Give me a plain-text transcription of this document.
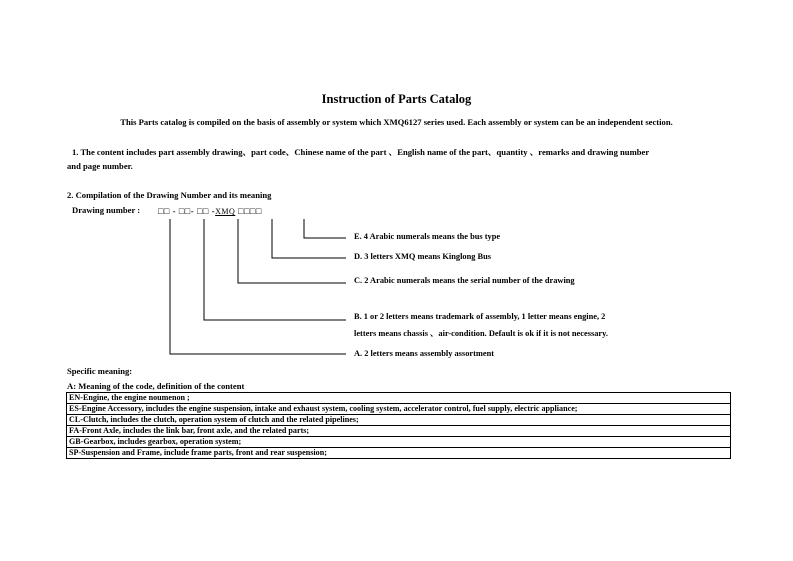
Instruction of Parts Catalog
This Parts catalog is compiled on the basis of assembly or system which XMQ6127 series used. Each assembly or system can be an independent section.
1. The content includes part assembly drawing、part code、Chinese name of the part 、English name of the part、quantity 、remarks and drawing number
and page number.
2. Compilation of the Drawing Number and its meaning
Drawing number : □□ - □□- □□ -XMQ □□□□
E. 4 Arabic numerals means the bus type
D. 3 letters XMQ means Kinglong Bus
C. 2 Arabic numerals means the serial number of the drawing
B. 1 or 2 letters means trademark of assembly, 1 letter means engine, 2
letters means chassis 、air-condition. Default is ok if it is not necessary.
A. 2 letters means assembly assortment
Specific meaning:
A: Meaning of the code, definition of the content
EN-Engine, the engine noumenon ;
ES-Engine Accessory, includes the engine suspension, intake and exhaust system, cooling system, accelerator control, fuel supply, electric appliance;
CL-Clutch, includes the clutch, operation system of clutch and the related pipelines;
FA-Front Axle, includes the link bar, front axle, and the related parts;
GB-Gearbox, includes gearbox, operation system;
SP-Suspension and Frame, include frame parts, front and rear suspension;
